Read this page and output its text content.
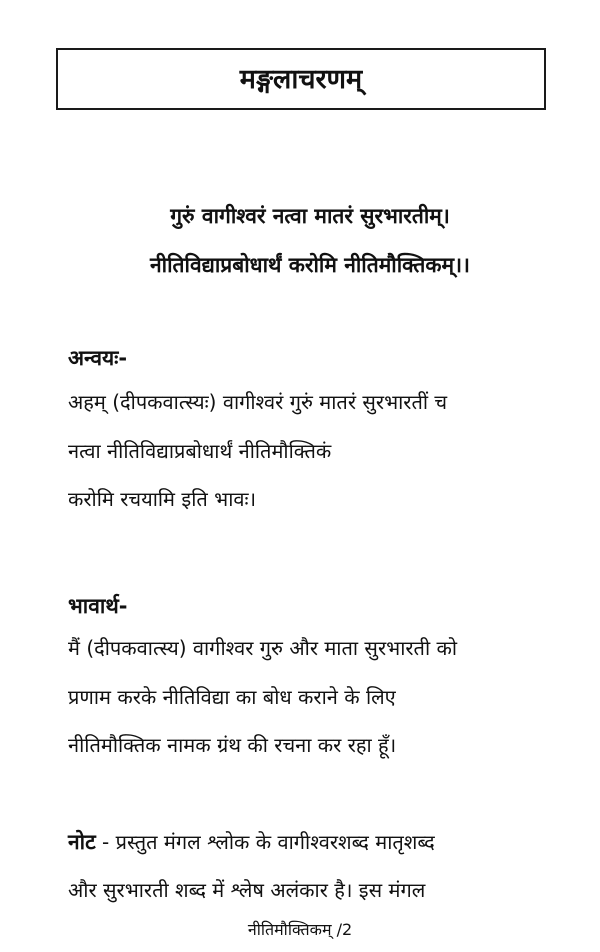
मङ्गलाचरणम्
गुरुं वागीश्वरं नत्वा मातरं सुरभारतीम्।
नीतिविद्याप्रबोधार्थं करोमि नीतिमौक्तिकम्।।
अन्वयः-
अहम् (दीपकवात्स्यः) वागीश्वरं गुरुं मातरं सुरभारतीं च
नत्वा नीतिविद्याप्रबोधार्थं नीतिमौक्तिकं
करोमि रचयामि इति भावः।
भावार्थ-
मैं (दीपकवात्स्य) वागीश्वर गुरु और माता सुरभारती को
प्रणाम करके नीतिविद्या का बोध कराने के लिए
नीतिमौक्तिक नामक ग्रंथ की रचना कर रहा हूँ।
नोट - प्रस्तुत मंगल श्लोक के वागीश्वरशब्द मातृशब्द
और सुरभारती शब्द में श्लेष अलंकार है। इस मंगल
नीतिमौक्तिकम् /2
